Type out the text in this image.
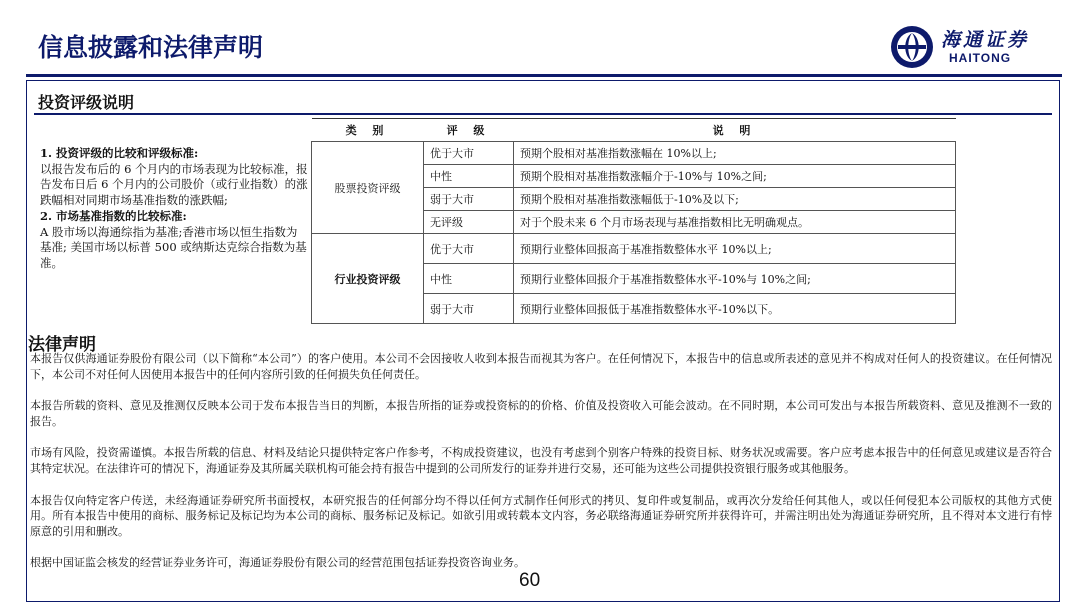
信息披露和法律声明	海通证券
HAITONG
投资评级说明

1. 投资评级的比较和评级标准:

以报告发布后的 6 个月内的市场表现为比较标准，报告发布日后 6 个月内的公司股价（或行业指数）的涨跌幅相对同期市场基准指数的涨跌幅;

2. 市场基准指数的比较标准:

A 股市场以海通综指为基准;香港市场以恒生指数为基准; 美国市场以标普 500 或纳斯达克综合指数为基准。

类 别	评 级	说 明
股票投资评级	优于大市	预期个股相对基准指数涨幅在 10%以上;
	中性	预期个股相对基准指数涨幅介于-10%与 10%之间;
	弱于大市	预期个股相对基准指数涨幅低于-10%及以下;
	无评级	对于个股未来 6 个月市场表现与基准指数相比无明确观点。
行业投资评级	优于大市	预期行业整体回报高于基准指数整体水平 10%以上;
	中性	预期行业整体回报介于基准指数整体水平-10%与 10%之间;
	弱于大市	预期行业整体回报低于基准指数整体水平-10%以下。
法律声明

本报告仅供海通证券股份有限公司（以下简称“本公司”）的客户使用。本公司不会因接收人收到本报告而视其为客户。在任何情况下，本报告中的信息或所表述的意见并不构成对任何人的投资建议。在任何情况下，本公司不对任何人因使用本报告中的任何内容所引致的任何损失负任何责任。

本报告所载的资料、意见及推测仅反映本公司于发布本报告当日的判断，本报告所指的证券或投资标的的价格、价值及投资收入可能会波动。在不同时期，本公司可发出与本报告所载资料、意见及推测不一致的报告。

市场有风险，投资需谨慎。本报告所载的信息、材料及结论只提供特定客户作参考，不构成投资建议，也没有考虑到个别客户特殊的投资目标、财务状况或需要。客户应考虑本报告中的任何意见或建议是否符合其特定状况。在法律许可的情况下，海通证券及其所属关联机构可能会持有报告中提到的公司所发行的证券并进行交易，还可能为这些公司提供投资银行服务或其他服务。

本报告仅向特定客户传送，未经海通证券研究所书面授权，本研究报告的任何部分均不得以任何方式制作任何形式的拷贝、复印件或复制品，或再次分发给任何其他人，或以任何侵犯本公司版权的其他方式使用。所有本报告中使用的商标、服务标记及标记均为本公司的商标、服务标记及标记。如欲引用或转载本文内容，务必联络海通证券研究所并获得许可，并需注明出处为海通证券研究所，且不得对本文进行有悖原意的引用和删改。

根据中国证监会核发的经营证券业务许可，海通证券股份有限公司的经营范围包括证券投资咨询业务。

60
